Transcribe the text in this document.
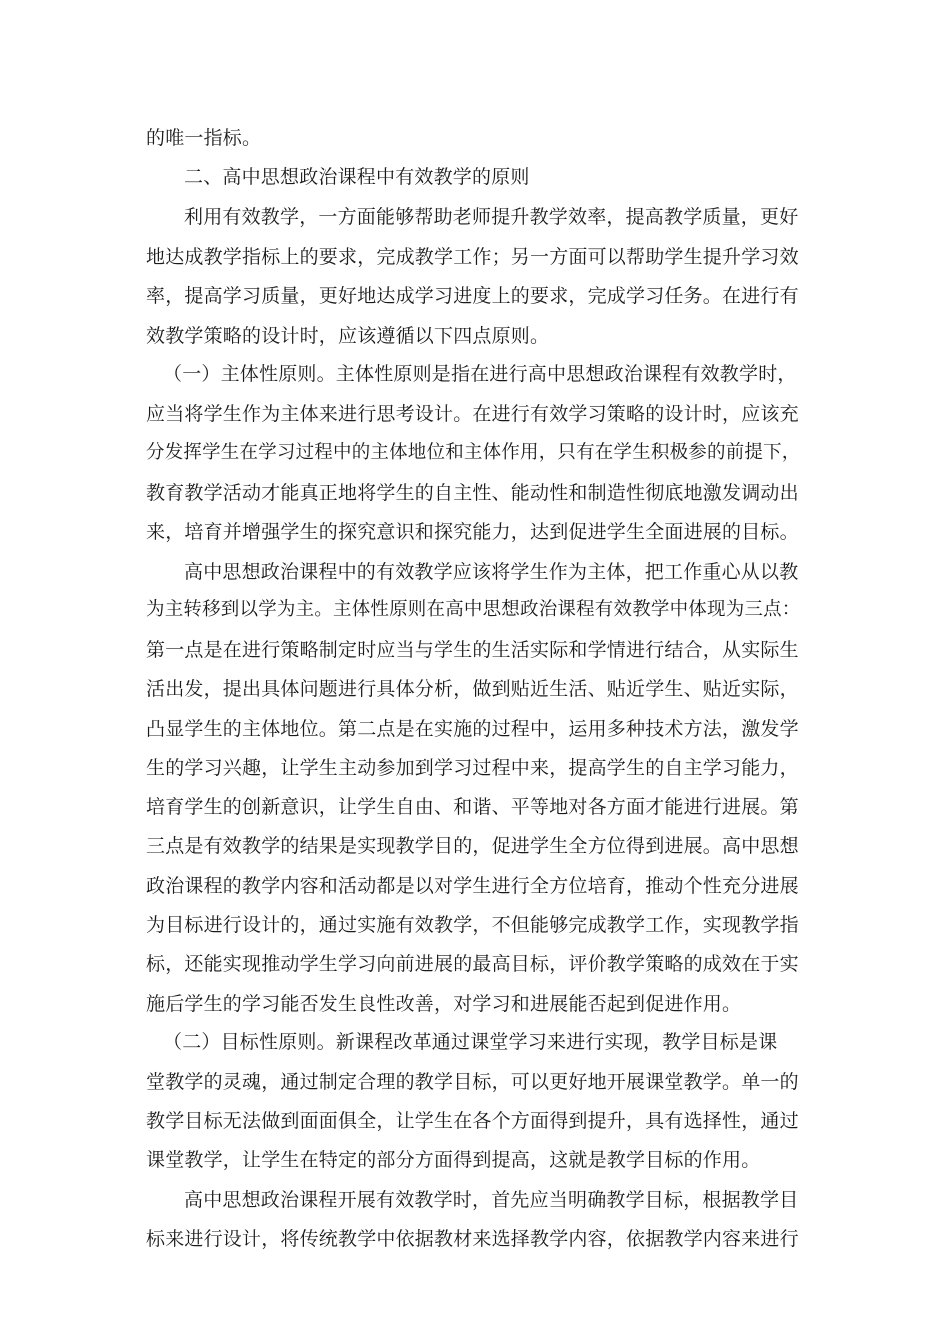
的唯一指标。
二、高中思想政治课程中有效教学的原则
利用有效教学，一方面能够帮助老师提升教学效率，提高教学质量，更好
地达成教学指标上的要求，完成教学工作；另一方面可以帮助学生提升学习效
率，提高学习质量，更好地达成学习进度上的要求，完成学习任务。在进行有
效教学策略的设计时，应该遵循以下四点原则。
（一）主体性原则。主体性原则是指在进行高中思想政治课程有效教学时，
应当将学生作为主体来进行思考设计。在进行有效学习策略的设计时，应该充
分发挥学生在学习过程中的主体地位和主体作用，只有在学生积极参的前提下，
教育教学活动才能真正地将学生的自主性、能动性和制造性彻底地激发调动出
来，培育并增强学生的探究意识和探究能力，达到促进学生全面进展的目标。
高中思想政治课程中的有效教学应该将学生作为主体，把工作重心从以教
为主转移到以学为主。主体性原则在高中思想政治课程有效教学中体现为三点：
第一点是在进行策略制定时应当与学生的生活实际和学情进行结合，从实际生
活出发，提出具体问题进行具体分析，做到贴近生活、贴近学生、贴近实际，
凸显学生的主体地位。第二点是在实施的过程中，运用多种技术方法，激发学
生的学习兴趣，让学生主动参加到学习过程中来，提高学生的自主学习能力，
培育学生的创新意识，让学生自由、和谐、平等地对各方面才能进行进展。第
三点是有效教学的结果是实现教学目的，促进学生全方位得到进展。高中思想
政治课程的教学内容和活动都是以对学生进行全方位培育，推动个性充分进展
为目标进行设计的，通过实施有效教学，不但能够完成教学工作，实现教学指
标，还能实现推动学生学习向前进展的最高目标，评价教学策略的成效在于实
施后学生的学习能否发生良性改善，对学习和进展能否起到促进作用。
（二）目标性原则。新课程改革通过课堂学习来进行实现，教学目标是课
堂教学的灵魂，通过制定合理的教学目标，可以更好地开展课堂教学。单一的
教学目标无法做到面面俱全，让学生在各个方面得到提升，具有选择性，通过
课堂教学，让学生在特定的部分方面得到提高，这就是教学目标的作用。
高中思想政治课程开展有效教学时，首先应当明确教学目标，根据教学目
标来进行设计，将传统教学中依据教材来选择教学内容，依据教学内容来进行
